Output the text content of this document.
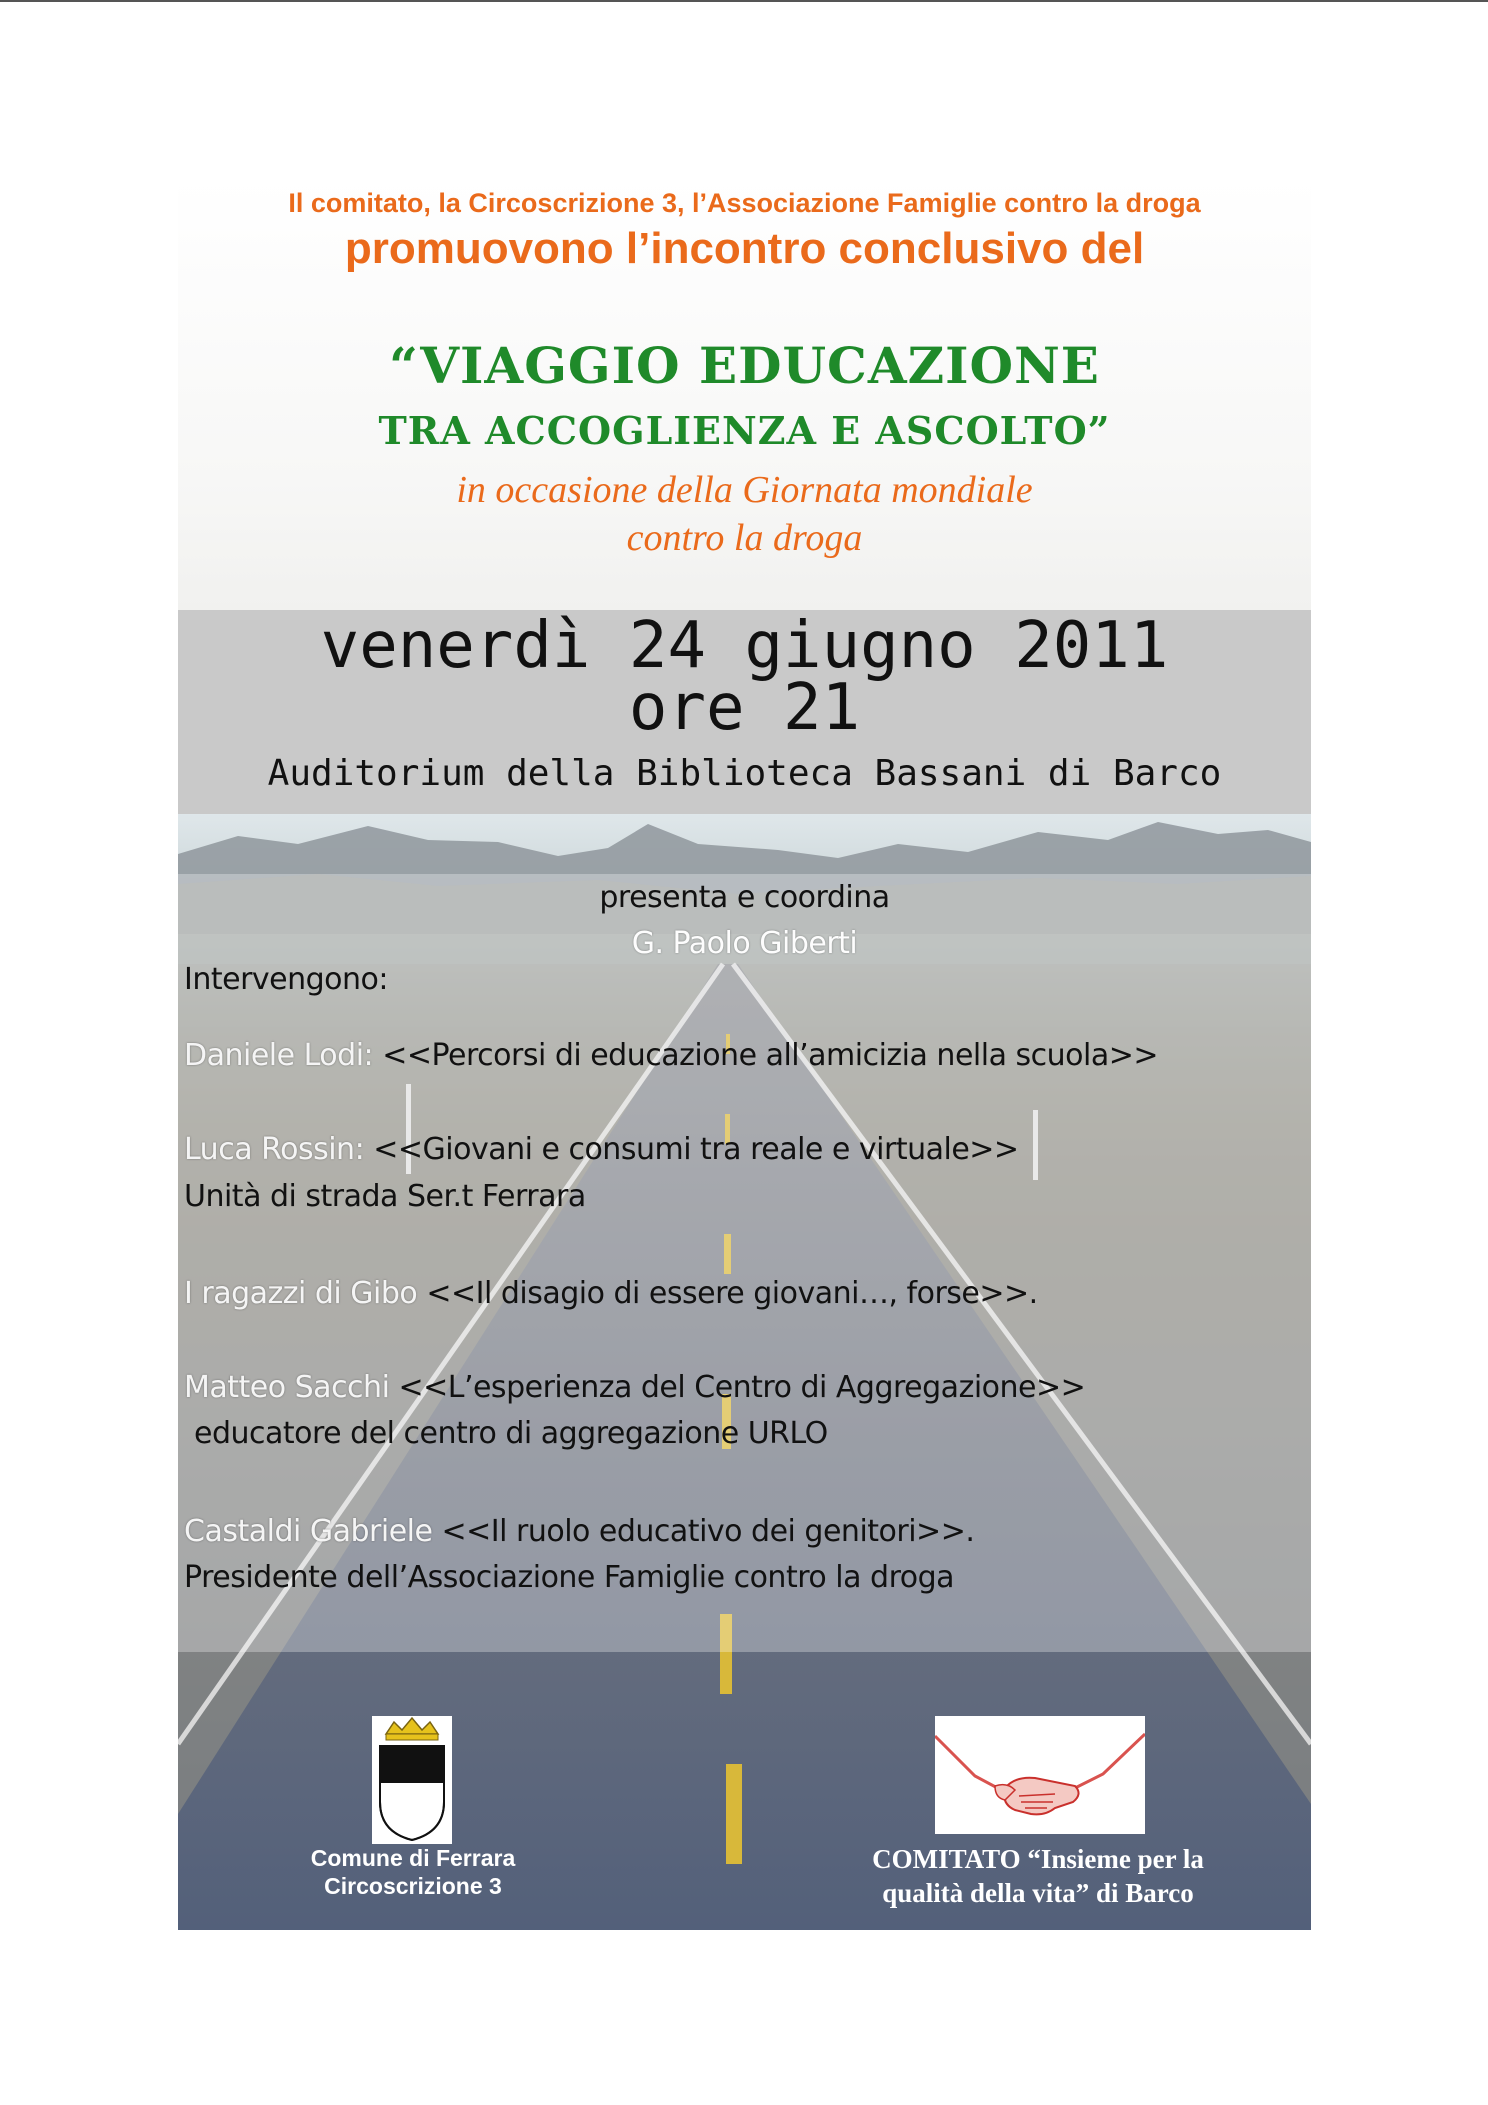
Il comitato, la Circoscrizione 3, l’Associazione Famiglie contro la droga
promuovono l’incontro conclusivo del
“VIAGGIO EDUCAZIONE
TRA ACCOGLIENZA E ASCOLTO”
in occasione della Giornata mondiale
contro la droga
venerdì 24 giugno 2011
ore 21
Auditorium della Biblioteca Bassani di Barco
presenta e coordina
G. Paolo Giberti
Intervengono:
Daniele Lodi: <<Percorsi di educazione all’amicizia nella scuola>>
Luca Rossin: <<Giovani e consumi tra reale e virtuale>>
Unità di strada Ser.t Ferrara
I ragazzi di Gibo <<Il disagio di essere giovani…, forse>>.
Matteo Sacchi <<L’esperienza del Centro di Aggregazione>>
educatore del centro di aggregazione URLO
Castaldi Gabriele <<Il ruolo educativo dei genitori>>.
Presidente dell’Associazione Famiglie contro la droga
Comune di Ferrara
Circoscrizione 3
COMITATO “Insieme per la
qualità della vita” di Barco
